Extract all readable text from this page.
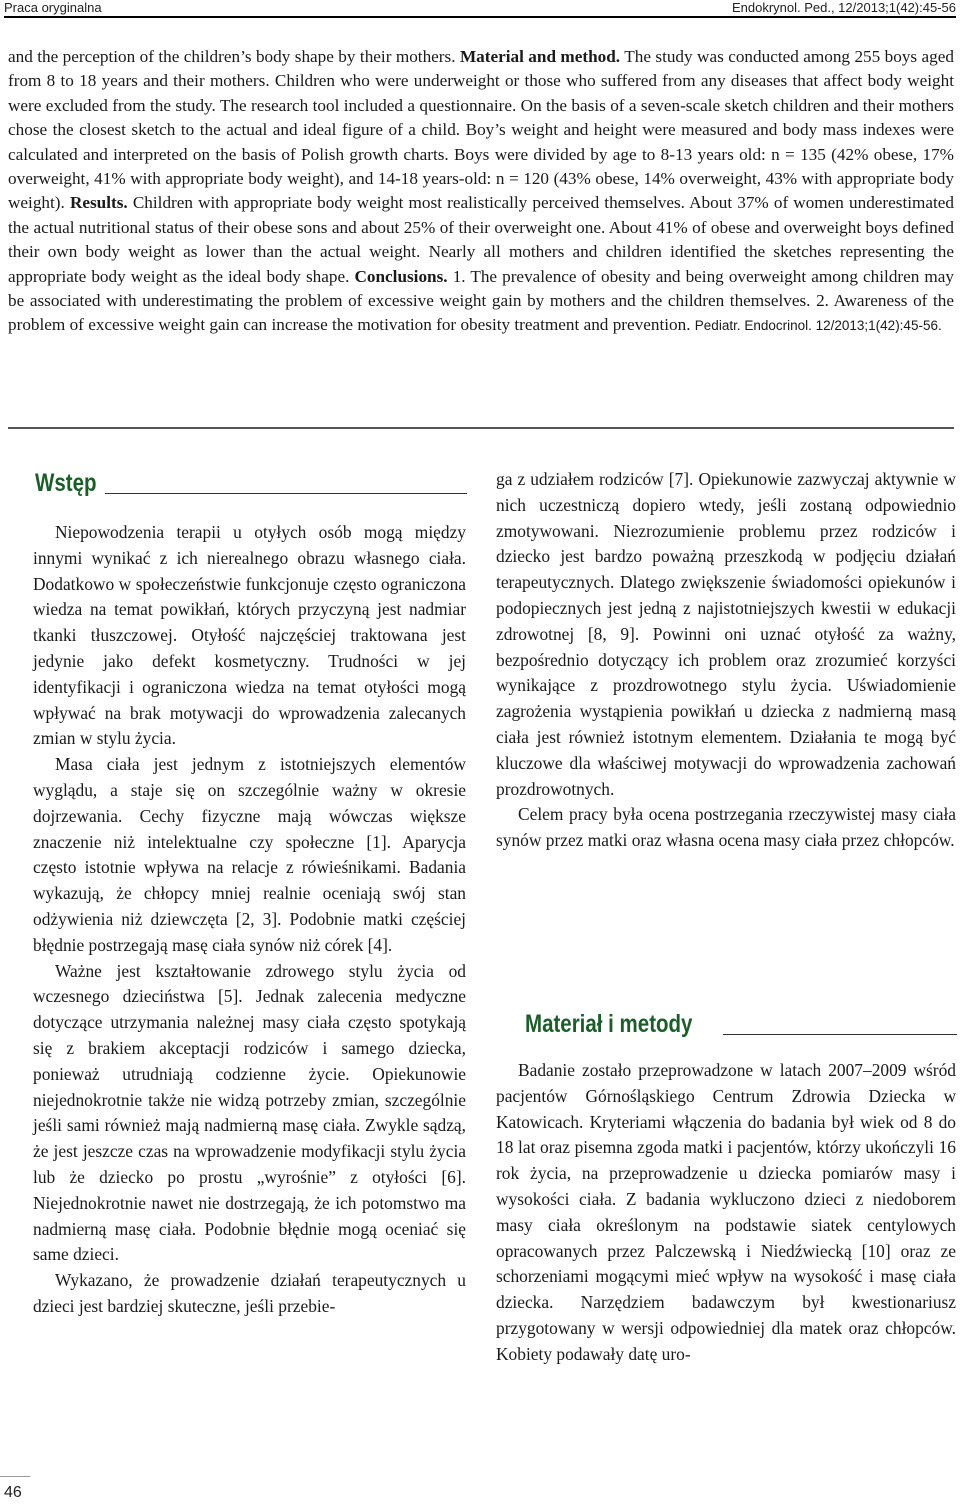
Praca oryginalna	Endokrynol. Ped., 12/2013;1(42):45-56
and the perception of the children’s body shape by their mothers. Material and method. The study was conducted among 255 boys aged from 8 to 18 years and their mothers. Children who were underweight or those who suffered from any diseases that affect body weight were excluded from the study. The research tool included a questionnaire. On the basis of a seven-scale sketch children and their mothers chose the closest sketch to the actual and ideal figure of a child. Boy’s weight and height were measured and body mass indexes were calculated and interpreted on the basis of Polish growth charts. Boys were divided by age to 8-13 years old: n = 135 (42% obese, 17% overweight, 41% with appropriate body weight), and 14-18 years-old: n = 120 (43% obese, 14% overweight, 43% with appropriate body weight). Results. Children with appropriate body weight most realistically perceived themselves. About 37% of women underestimated the actual nutritional status of their obese sons and about 25% of their overweight one. About 41% of obese and overweight boys defined their own body weight as lower than the actual weight. Nearly all mothers and children identified the sketches representing the appropriate body weight as the ideal body shape. Conclusions. 1. The prevalence of obesity and being overweight among children may be associated with underestimating the problem of excessive weight gain by mothers and the children themselves. 2. Awareness of the problem of excessive weight gain can increase the motivation for obesity treatment and prevention. Pediatr. Endocrinol. 12/2013;1(42):45-56.
Wstęp

Niepowodzenia terapii u otyłych osób mogą między innymi wynikać z ich nierealnego obrazu własnego ciała. Dodatkowo w społeczeństwie funkcjonuje często ograniczona wiedza na temat powikłań, których przyczyną jest nadmiar tkanki tłuszczowej. Otyłość najczęściej traktowana jest jedynie jako defekt kosmetyczny. Trudności w jej identyfikacji i ograniczona wiedza na temat otyłości mogą wpływać na brak motywacji do wprowadzenia zalecanych zmian w stylu życia.

Masa ciała jest jednym z istotniejszych elementów wyglądu, a staje się on szczególnie ważny w okresie dojrzewania. Cechy fizyczne mają wówczas większe znaczenie niż intelektualne czy społeczne [1]. Aparycja często istotnie wpływa na relacje z rówieśnikami. Badania wykazują, że chłopcy mniej realnie oceniają swój stan odżywienia niż dziewczęta [2, 3]. Podobnie matki częściej błędnie postrzegają masę ciała synów niż córek [4].

Ważne jest kształtowanie zdrowego stylu życia od wczesnego dzieciństwa [5]. Jednak zalecenia medyczne dotyczące utrzymania należnej masy ciała często spotykają się z brakiem akceptacji rodziców i samego dziecka, ponieważ utrudniają codzienne życie. Opiekunowie niejednokrotnie także nie widzą potrzeby zmian, szczególnie jeśli sami również mają nadmierną masę ciała. Zwykle sądzą, że jest jeszcze czas na wprowadzenie modyfikacji stylu życia lub że dziecko po prostu „wyrośnie” z otyłości [6]. Niejednokrotnie nawet nie dostrzegają, że ich potomstwo ma nadmierną masę ciała. Podobnie błędnie mogą oceniać się same dzieci.

Wykazano, że prowadzenie działań terapeutycznych u dzieci jest bardziej skuteczne, jeśli przebie-

ga z udziałem rodziców [7]. Opiekunowie zazwyczaj aktywnie w nich uczestniczą dopiero wtedy, jeśli zostaną odpowiednio zmotywowani. Niezrozumienie problemu przez rodziców i dziecko jest bardzo poważną przeszkodą w podjęciu działań terapeutycznych. Dlatego zwiększenie świadomości opiekunów i podopiecznych jest jedną z najistotniejszych kwestii w edukacji zdrowotnej [8, 9]. Powinni oni uznać otyłość za ważny, bezpośrednio dotyczący ich problem oraz zrozumieć korzyści wynikające z prozdrowotnego stylu życia. Uświadomienie zagrożenia wystąpienia powikłań u dziecka z nadmierną masą ciała jest również istotnym elementem. Działania te mogą być kluczowe dla właściwej motywacji do wprowadzenia zachowań prozdrowotnych.

Celem pracy była ocena postrzegania rzeczywistej masy ciała synów przez matki oraz własna ocena masy ciała przez chłopców.

Materiał i metody

Badanie zostało przeprowadzone w latach 2007–2009 wśród pacjentów Górnośląskiego Centrum Zdrowia Dziecka w Katowicach. Kryteriami włączenia do badania był wiek od 8 do 18 lat oraz pisemna zgoda matki i pacjentów, którzy ukończyli 16 rok życia, na przeprowadzenie u dziecka pomiarów masy i wysokości ciała. Z badania wykluczono dzieci z niedoborem masy ciała określonym na podstawie siatek centylowych opracowanych przez Palczewską i Niedźwiecką [10] oraz ze schorzeniami mogącymi mieć wpływ na wysokość i masę ciała dziecka. Narzędziem badawczym był kwestionariusz przygotowany w wersji odpowiedniej dla matek oraz chłopców. Kobiety podawały datę uro-

46
